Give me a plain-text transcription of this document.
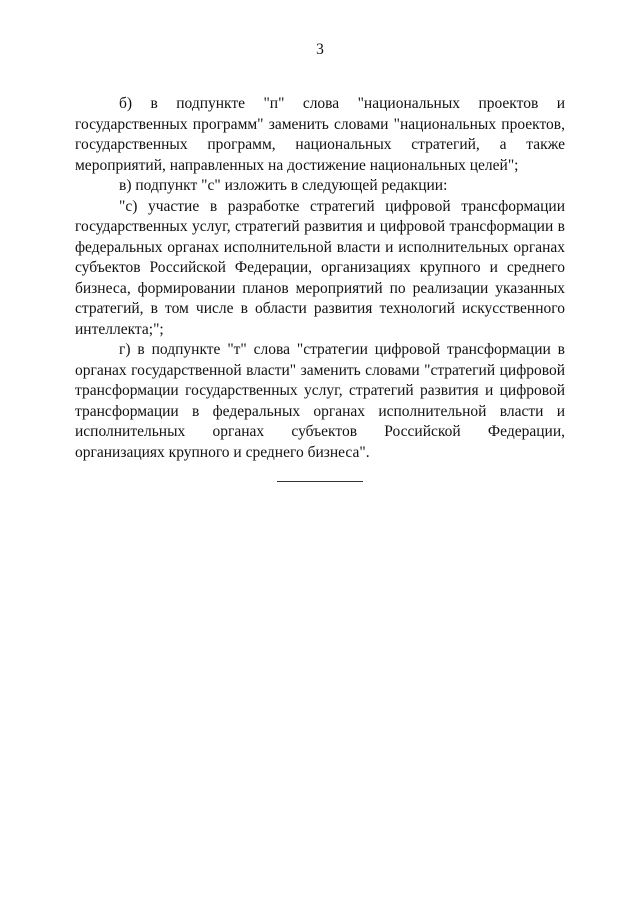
3

б) в подпункте "п" слова "национальных проектов и государственных программ" заменить словами "национальных проектов, государственных программ, национальных стратегий, а также мероприятий, направленных на достижение национальных целей";

в) подпункт "с" изложить в следующей редакции:

"с) участие в разработке стратегий цифровой трансформации государственных услуг, стратегий развития и цифровой трансформации в федеральных органах исполнительной власти и исполнительных органах субъектов Российской Федерации, организациях крупного и среднего бизнеса, формировании планов мероприятий по реализации указанных стратегий, в том числе в области развития технологий искусственного интеллекта;";

г) в подпункте "т" слова "стратегии цифровой трансформации в органах государственной власти" заменить словами "стратегий цифровой трансформации государственных услуг, стратегий развития и цифровой трансформации в федеральных органах исполнительной власти и исполнительных органах субъектов Российской Федерации, организациях крупного и среднего бизнеса".
